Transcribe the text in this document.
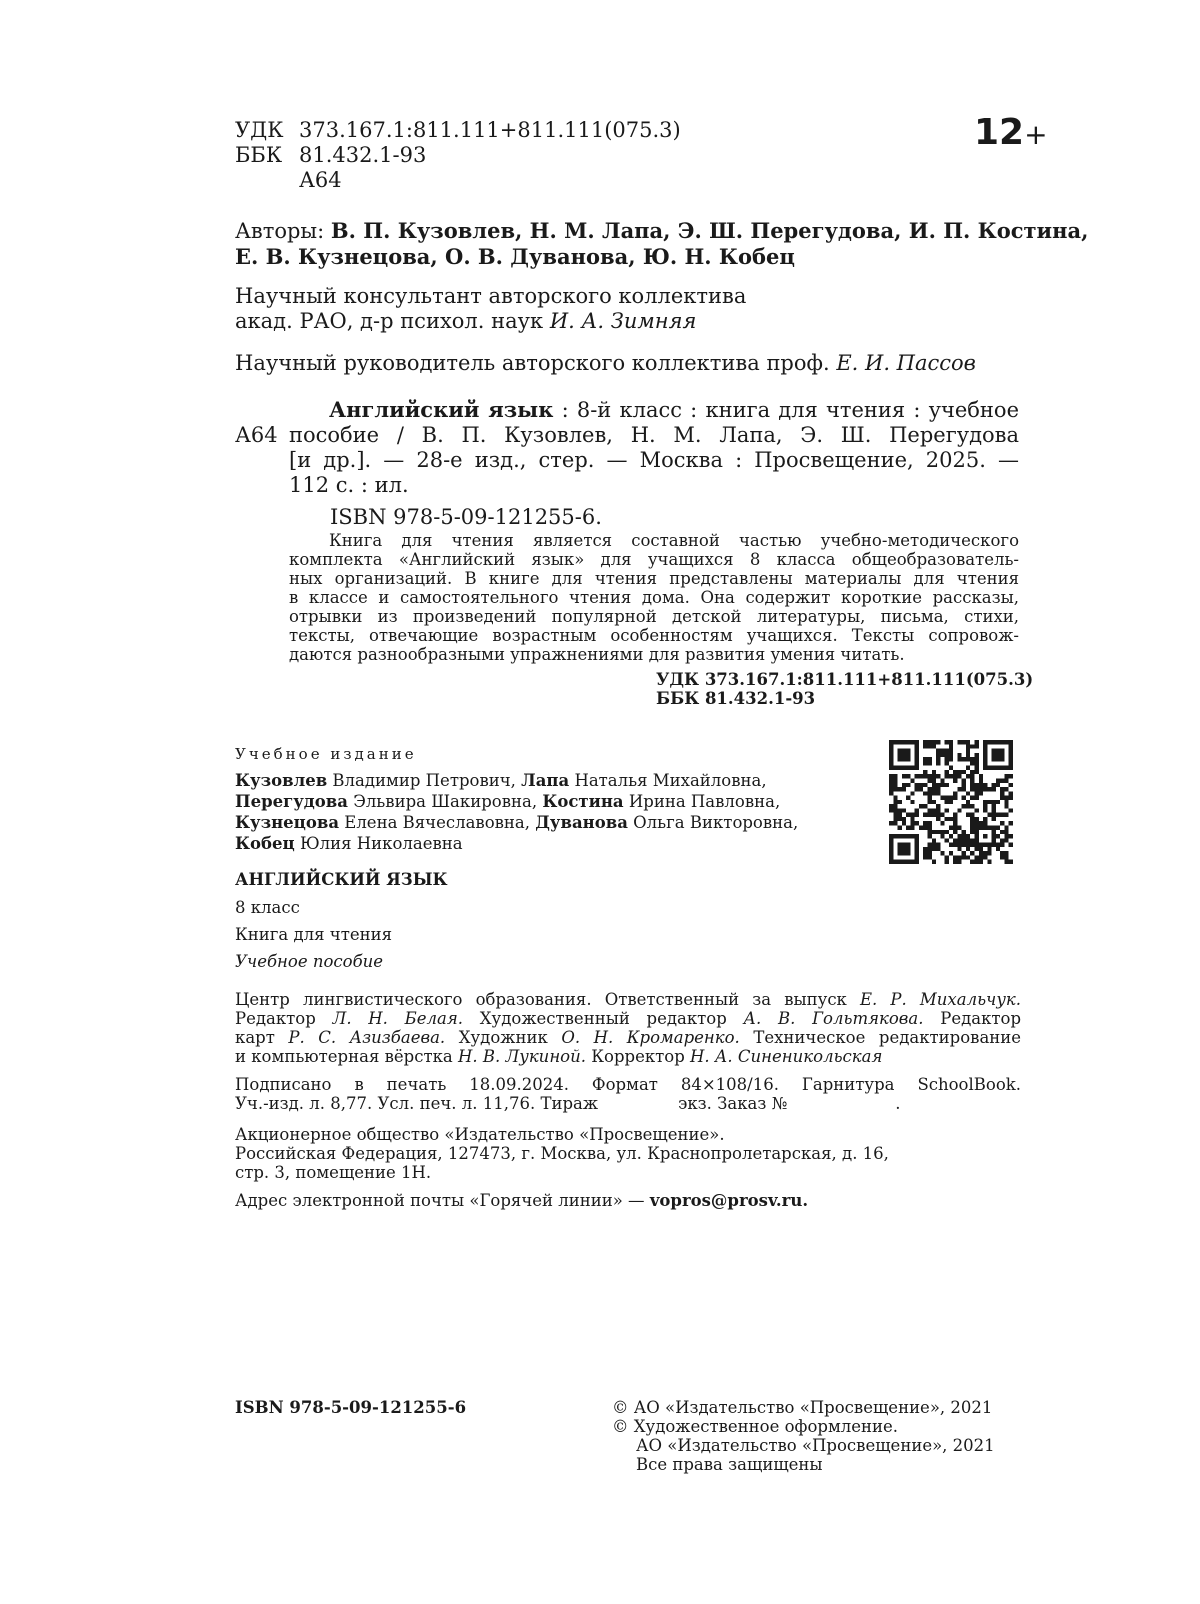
УДК 373.167.1:811.111+811.111(075.3)
ББК 81.432.1-93
А64
12+
Авторы: В. П. Кузовлев, Н. М. Лапа, Э. Ш. Перегудова, И. П. Костина,
Е. В. Кузнецова, О. В. Дуванова, Ю. Н. Кобец
Научный консультант авторского коллектива
акад. РАО, д-р психол. наук И. А. Зимняя
Научный руководитель авторского коллектива проф. Е. И. Пассов
А64
Английский язык : 8-й класс : книга для чтения : учебное
пособие / В. П. Кузовлев, Н. М. Лапа, Э. Ш. Перегудова
[и др.]. — 28-е изд., стер. — Москва : Просвещение, 2025. —
112 с. : ил.
ISBN 978-5-09-121255-6.
Книга для чтения является составной частью учебно-методического
комплекта «Английский язык» для учащихся 8 класса общеобразователь-
ных организаций. В книге для чтения представлены материалы для чтения
в классе и самостоятельного чтения дома. Она содержит короткие рассказы,
отрывки из произведений популярной детской литературы, письма, стихи,
тексты, отвечающие возрастным особенностям учащихся. Тексты сопровож-
даются разнообразными упражнениями для развития умения читать.
УДК 373.167.1:811.111+811.111(075.3)
ББК 81.432.1-93
Учебное издание
Кузовлев Владимир Петрович, Лапа Наталья Михайловна,
Перегудова Эльвира Шакировна, Костина Ирина Павловна,
Кузнецова Елена Вячеславовна, Дуванова Ольга Викторовна,
Кобец Юлия Николаевна
АНГЛИЙСКИЙ ЯЗЫК
8 класс
Книга для чтения
Учебное пособие
Центр лингвистического образования. Ответственный за выпуск Е. Р. Михальчук.
Редактор Л. Н. Белая. Художественный редактор А. В. Гольтякова. Редактор
карт Р. С. Азизбаева. Художник О. Н. Кромаренко. Техническое редактирование
и компьютерная вёрстка Н. В. Лукиной. Корректор Н. А. Синеникольская
Подписано в печать 18.09.2024. Формат 84×108/16. Гарнитура SchoolBook.
Уч.-изд. л. 8,77. Усл. печ. л. 11,76. Тираж	экз. Заказ №	.
Акционерное общество «Издательство «Просвещение».
Российская Федерация, 127473, г. Москва, ул. Краснопролетарская, д. 16,
стр. 3, помещение 1Н.
Адрес электронной почты «Горячей линии» — vopros@prosv.ru.
ISBN 978-5-09-121255-6	© АО «Издательство «Просвещение», 2021
© Художественное оформление.
АО «Издательство «Просвещение», 2021
Все права защищены
